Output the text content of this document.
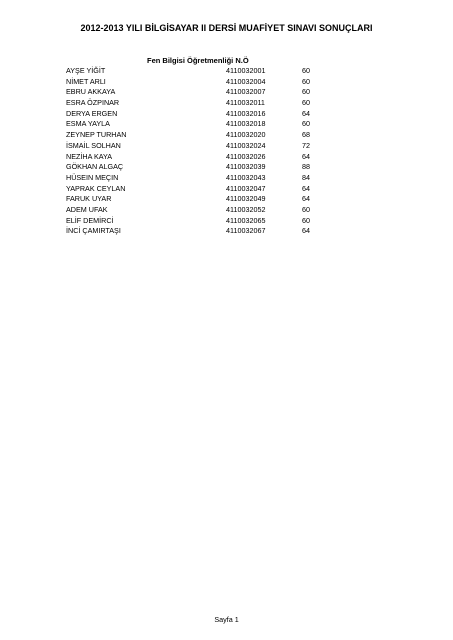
2012-2013 YILI BİLGİSAYAR II DERSİ MUAFİYET SINAVI SONUÇLARI
Fen Bilgisi Öğretmenliği N.Ö
AYŞE YİĞİT	4110032001	60
NİMET ARLI	4110032004	60
EBRU AKKAYA	4110032007	60
ESRA ÖZPINAR	4110032011	60
DERYA ERGEN	4110032016	64
ESMA YAYLA	4110032018	60
ZEYNEP TURHAN	4110032020	68
İSMAİL SOLHAN	4110032024	72
NEZİHA KAYA	4110032026	64
GÖKHAN ALGAÇ	4110032039	88
HÜSEIN MEÇIN	4110032043	84
YAPRAK CEYLAN	4110032047	64
FARUK UYAR	4110032049	64
ADEM UFAK	4110032052	60
ELİF DEMİRCİ	4110032065	60
İNCİ ÇAMIRTAŞI	4110032067	64
Sayfa 1
